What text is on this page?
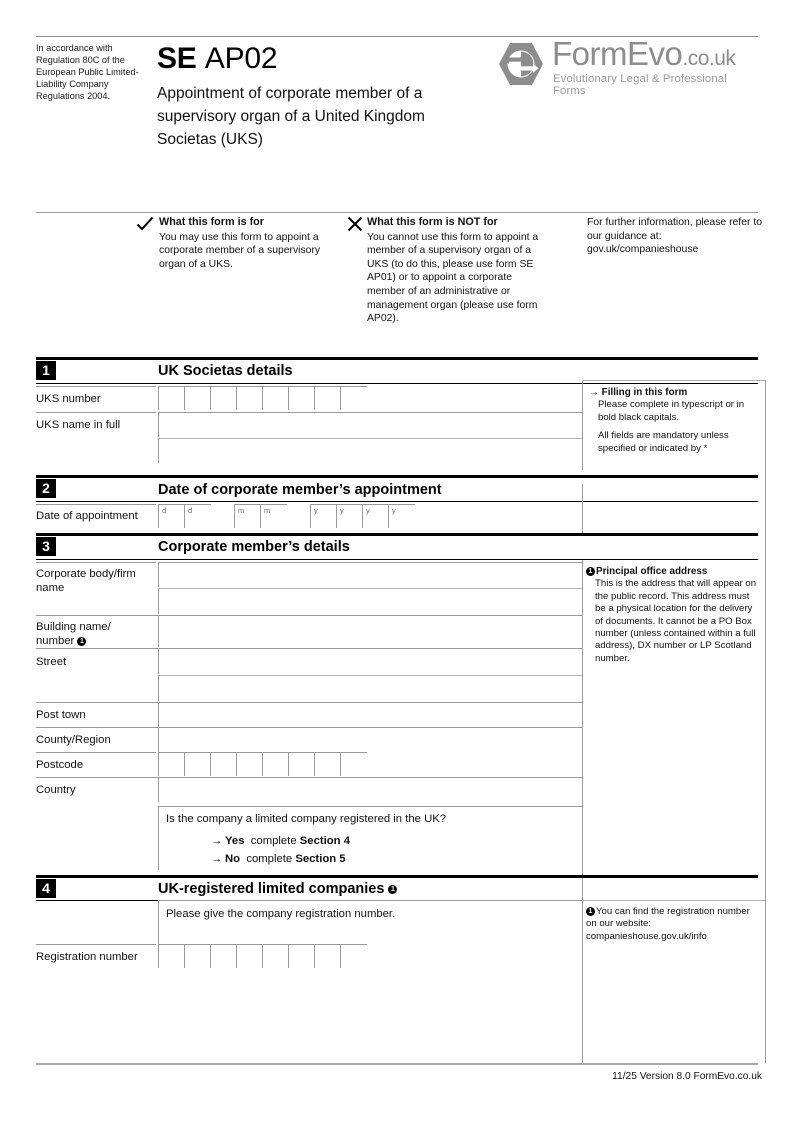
In accordance with Regulation 80C of the European Public Limited-Liability Company Regulations 2004.
SE AP02
Appointment of corporate member of a supervisory organ of a United Kingdom Societas (UKS)
FormEvo.co.uk
Evolutionary Legal & Professional Forms
What this form is for
You may use this form to appoint a corporate member of a supervisory organ of a UKS.
What this form is NOT for
You cannot use this form to appoint a member of a supervisory organ of a UKS (to do this, please use form SE AP01) or to appoint a corporate member of an administrative or management organ (please use form AP02).
For further information, please refer to our guidance at: gov.uk/companieshouse
1	UK Societas details
UKS number
UKS name in full
→ Filling in this form
Please complete in typescript or in bold black capitals.
All fields are mandatory unless specified or indicated by *
2	Date of corporate member’s appointment
Date of appointment	d	d	m	m	y	y	y	y
3	Corporate member’s details
Corporate body/firm name
Building name/ number 1
Street
Post town
County/Region
Postcode
Country
Is the company a limited company registered in the UK?
→ Yes complete Section 4
→ No complete Section 5
1 Principal office address
This is the address that will appear on the public record. This address must be a physical location for the delivery of documents. It cannot be a PO Box number (unless contained within a full address), DX number or LP Scotland number.
4	UK-registered limited companies 1
Please give the company registration number.
Registration number
1 You can find the registration number on our website: companieshouse.gov.uk/info
11/25 Version 8.0 FormEvo.co.uk
